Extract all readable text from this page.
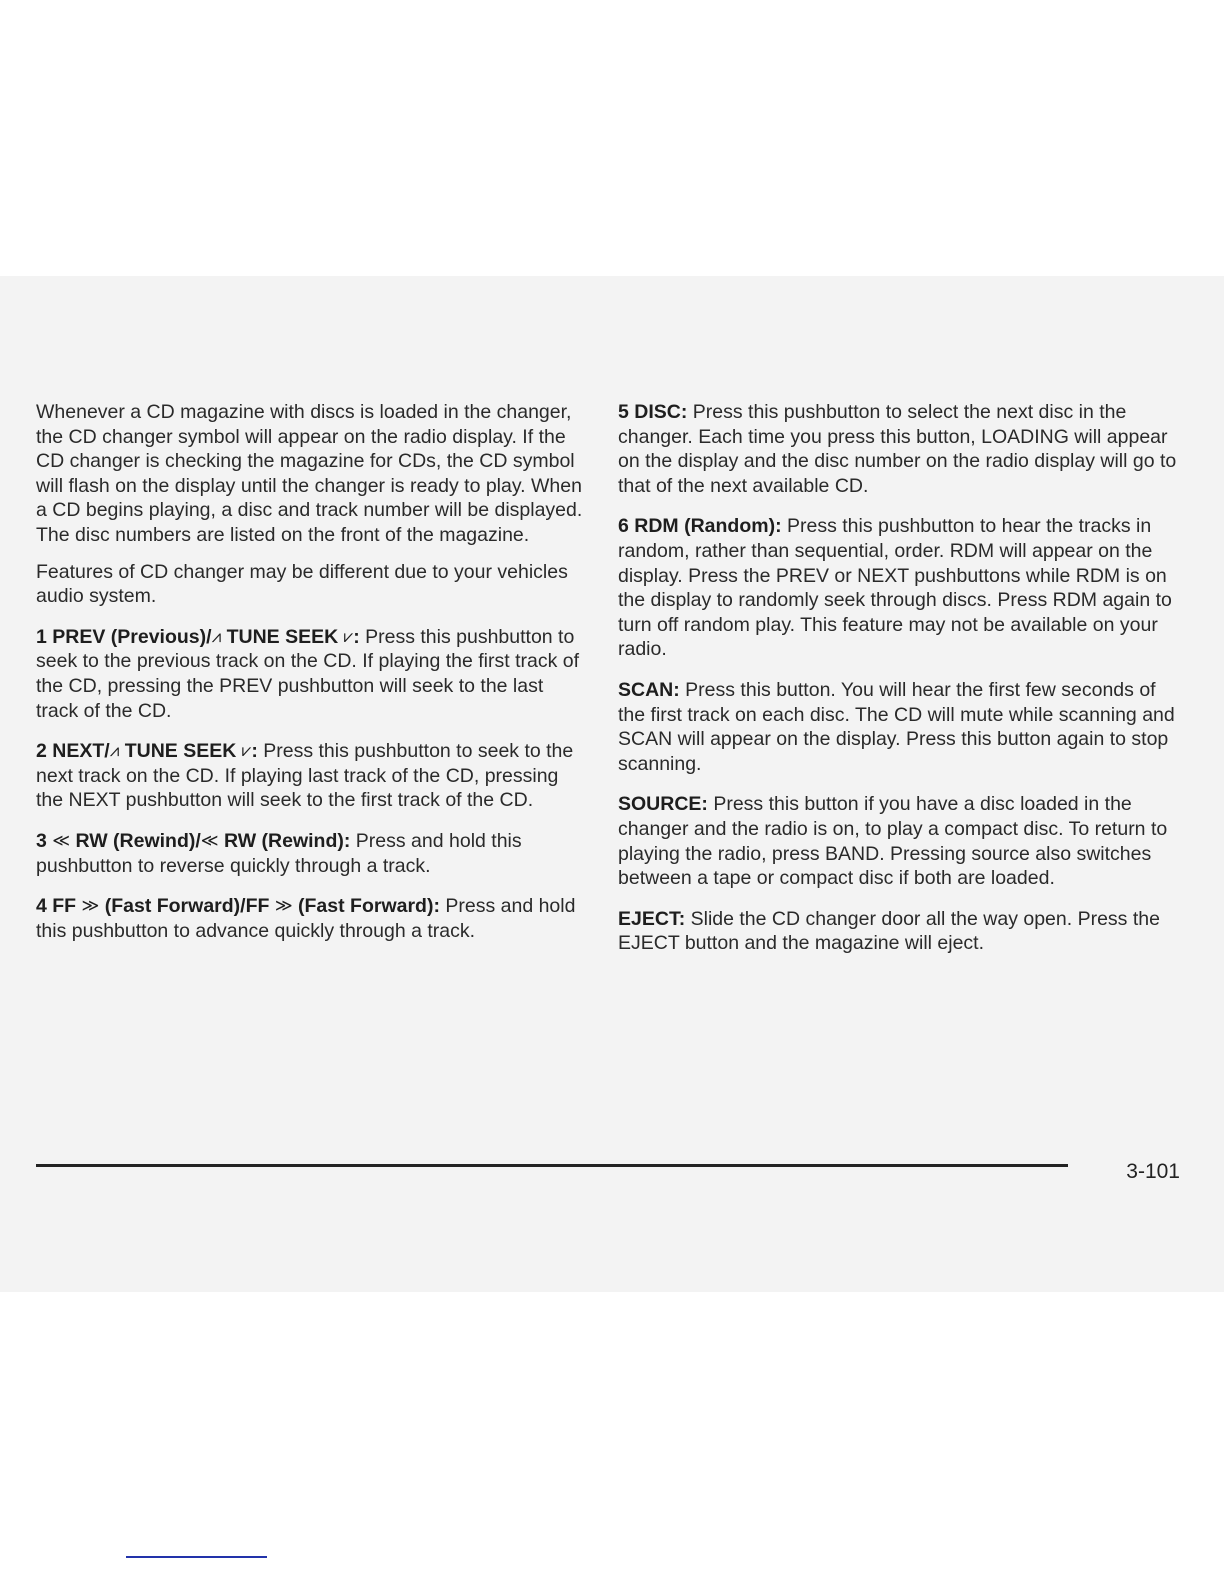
Whenever a CD magazine with discs is loaded in the changer, the CD changer symbol will appear on the radio display. If the CD changer is checking the magazine for CDs, the CD symbol will flash on the display until the changer is ready to play. When a CD begins playing, a disc and track number will be displayed. The disc numbers are listed on the front of the magazine.

Features of CD changer may be different due to your vehicles audio system.

1 PREV (Previous)/⩘ TUNE SEEK ⩗: Press this pushbutton to seek to the previous track on the CD. If playing the first track of the CD, pressing the PREV pushbutton will seek to the last track of the CD.

2 NEXT/⩘ TUNE SEEK ⩗: Press this pushbutton to seek to the next track on the CD. If playing last track of the CD, pressing the NEXT pushbutton will seek to the first track of the CD.

3 ≪ RW (Rewind)/≪ RW (Rewind): Press and hold this pushbutton to reverse quickly through a track.

4 FF ≫ (Fast Forward)/FF ≫ (Fast Forward): Press and hold this pushbutton to advance quickly through a track.

5 DISC: Press this pushbutton to select the next disc in the changer. Each time you press this button, LOADING will appear on the display and the disc number on the radio display will go to that of the next available CD.

6 RDM (Random): Press this pushbutton to hear the tracks in random, rather than sequential, order. RDM will appear on the display. Press the PREV or NEXT pushbuttons while RDM is on the display to randomly seek through discs. Press RDM again to turn off random play. This feature may not be available on your radio.

SCAN: Press this button. You will hear the first few seconds of the first track on each disc. The CD will mute while scanning and SCAN will appear on the display. Press this button again to stop scanning.

SOURCE: Press this button if you have a disc loaded in the changer and the radio is on, to play a compact disc. To return to playing the radio, press BAND. Pressing source also switches between a tape or compact disc if both are loaded.

EJECT: Slide the CD changer door all the way open. Press the EJECT button and the magazine will eject.

3-101
